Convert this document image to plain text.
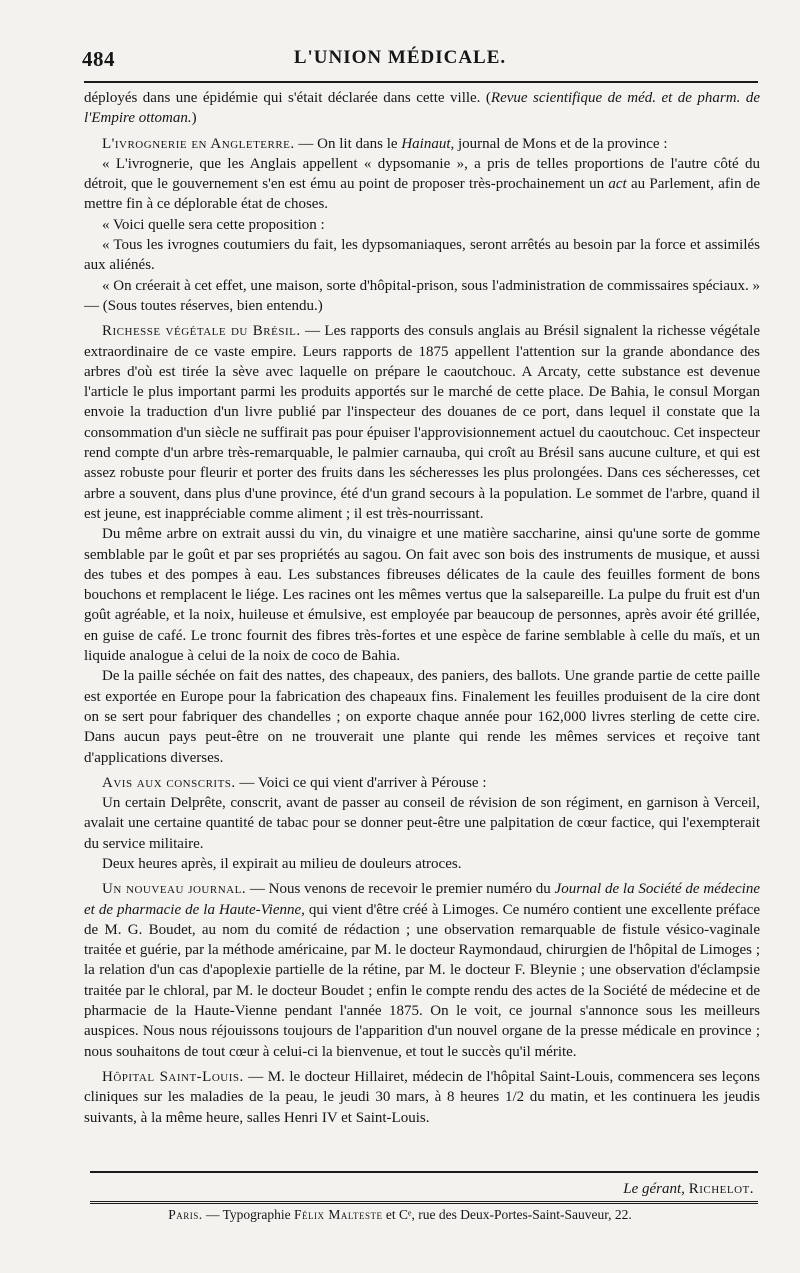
484	L'UNION MÉDICALE.

déployés dans une épidémie qui s'était déclarée dans cette ville. (Revue scientifique de méd. et de pharm. de l'Empire ottoman.)

L'ivrognerie en Angleterre. — On lit dans le Hainaut, journal de Mons et de la province :

« L'ivrognerie, que les Anglais appellent « dypsomanie », a pris de telles proportions de l'autre côté du détroit, que le gouvernement s'en est ému au point de proposer très-prochainement un act au Parlement, afin de mettre fin à ce déplorable état de choses.

« Voici quelle sera cette proposition :

« Tous les ivrognes coutumiers du fait, les dypsomaniaques, seront arrêtés au besoin par la force et assimilés aux aliénés.

« On créerait à cet effet, une maison, sorte d'hôpital-prison, sous l'administration de commissaires spéciaux. » — (Sous toutes réserves, bien entendu.)

Richesse végétale du Brésil. — Les rapports des consuls anglais au Brésil signalent la richesse végétale extraordinaire de ce vaste empire. Leurs rapports de 1875 appellent l'attention sur la grande abondance des arbres d'où est tirée la sève avec laquelle on prépare le caoutchouc. A Arcaty, cette substance est devenue l'article le plus important parmi les produits apportés sur le marché de cette place. De Bahia, le consul Morgan envoie la traduction d'un livre publié par l'inspecteur des douanes de ce port, dans lequel il constate que la consommation d'un siècle ne suffirait pas pour épuiser l'approvisionnement actuel du caoutchouc. Cet inspecteur rend compte d'un arbre très-remarquable, le palmier carnauba, qui croît au Brésil sans aucune culture, et qui est assez robuste pour fleurir et porter des fruits dans les sécheresses les plus prolongées. Dans ces sécheresses, cet arbre a souvent, dans plus d'une province, été d'un grand secours à la population. Le sommet de l'arbre, quand il est jeune, est inappréciable comme aliment ; il est très-nourrissant.

Du même arbre on extrait aussi du vin, du vinaigre et une matière saccharine, ainsi qu'une sorte de gomme semblable par le goût et par ses propriétés au sagou. On fait avec son bois des instruments de musique, et aussi des tubes et des pompes à eau. Les substances fibreuses délicates de la caule des feuilles forment de bons bouchons et remplacent le liége. Les racines ont les mêmes vertus que la salsepareille. La pulpe du fruit est d'un goût agréable, et la noix, huileuse et émulsive, est employée par beaucoup de personnes, après avoir été grillée, en guise de café. Le tronc fournit des fibres très-fortes et une espèce de farine semblable à celle du maïs, et un liquide analogue à celui de la noix de coco de Bahia.

De la paille séchée on fait des nattes, des chapeaux, des paniers, des ballots. Une grande partie de cette paille est exportée en Europe pour la fabrication des chapeaux fins. Finalement les feuilles produisent de la cire dont on se sert pour fabriquer des chandelles ; on exporte chaque année pour 162,000 livres sterling de cette cire. Dans aucun pays peut-être on ne trouverait une plante qui rende les mêmes services et reçoive tant d'applications diverses.

Avis aux conscrits. — Voici ce qui vient d'arriver à Pérouse :

Un certain Delprête, conscrit, avant de passer au conseil de révision de son régiment, en garnison à Verceil, avalait une certaine quantité de tabac pour se donner peut-être une palpitation de cœur factice, qui l'exempterait du service militaire.

Deux heures après, il expirait au milieu de douleurs atroces.

Un nouveau journal. — Nous venons de recevoir le premier numéro du Journal de la Société de médecine et de pharmacie de la Haute-Vienne, qui vient d'être créé à Limoges. Ce numéro contient une excellente préface de M. G. Boudet, au nom du comité de rédaction ; une observation remarquable de fistule vésico-vaginale traitée et guérie, par la méthode américaine, par M. le docteur Raymondaud, chirurgien de l'hôpital de Limoges ; la relation d'un cas d'apoplexie partielle de la rétine, par M. le docteur F. Bleynie ; une observation d'éclampsie traitée par le chloral, par M. le docteur Boudet ; enfin le compte rendu des actes de la Société de médecine et de pharmacie de la Haute-Vienne pendant l'année 1875. On le voit, ce journal s'annonce sous les meilleurs auspices. Nous nous réjouissons toujours de l'apparition d'un nouvel organe de la presse médicale en province ; nous souhaitons de tout cœur à celui-ci la bienvenue, et tout le succès qu'il mérite.

Hôpital Saint-Louis. — M. le docteur Hillairet, médecin de l'hôpital Saint-Louis, commencera ses leçons cliniques sur les maladies de la peau, le jeudi 30 mars, à 8 heures 1/2 du matin, et les continuera les jeudis suivants, à la même heure, salles Henri IV et Saint-Louis.

Le gérant, Richelot.
Paris. — Typographie Félix Malteste et Cᵉ, rue des Deux-Portes-Saint-Sauveur, 22.
